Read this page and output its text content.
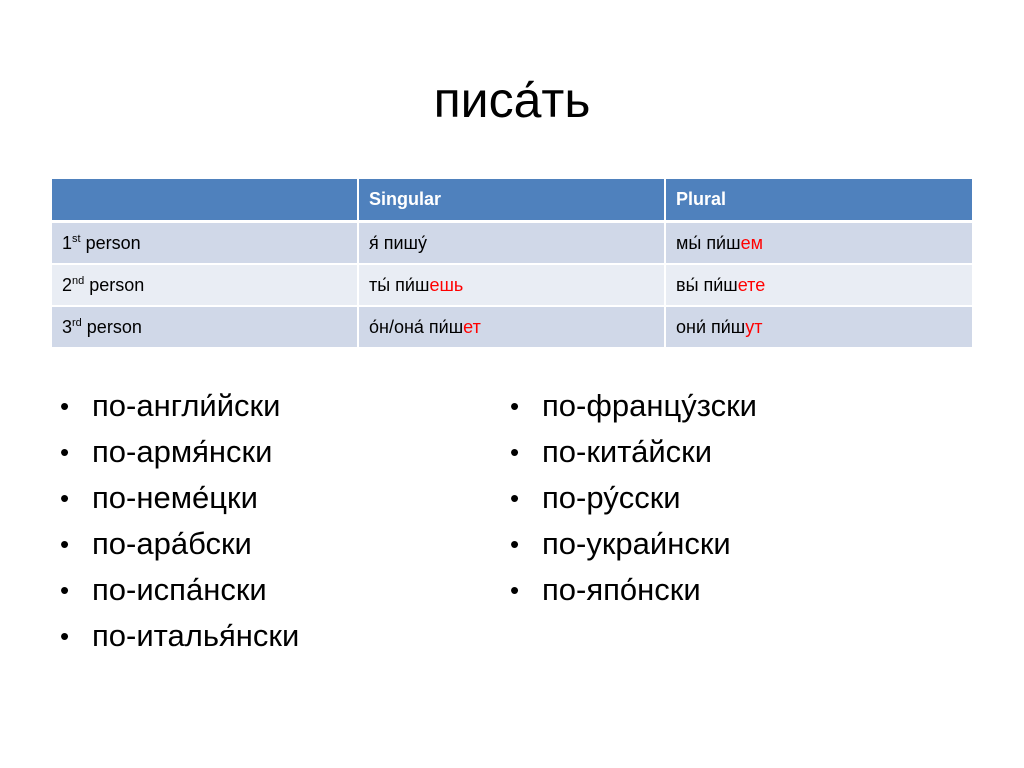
писа́ть
	Singular	Plural
1st person	я́ пишу́	мы́ пи́шем
2nd person	ты́ пи́шешь	вы́ пи́шете
3rd person	о́н/она́ пи́шет	они́ пи́шут
• по-англи́йски
• по-армя́нски
• по-неме́цки
• по-ара́бски
• по-испа́нски
• по-италья́нски
• по-францу́зски
• по-кита́йски
• по-ру́сски
• по-украи́нски
• по-япо́нски
